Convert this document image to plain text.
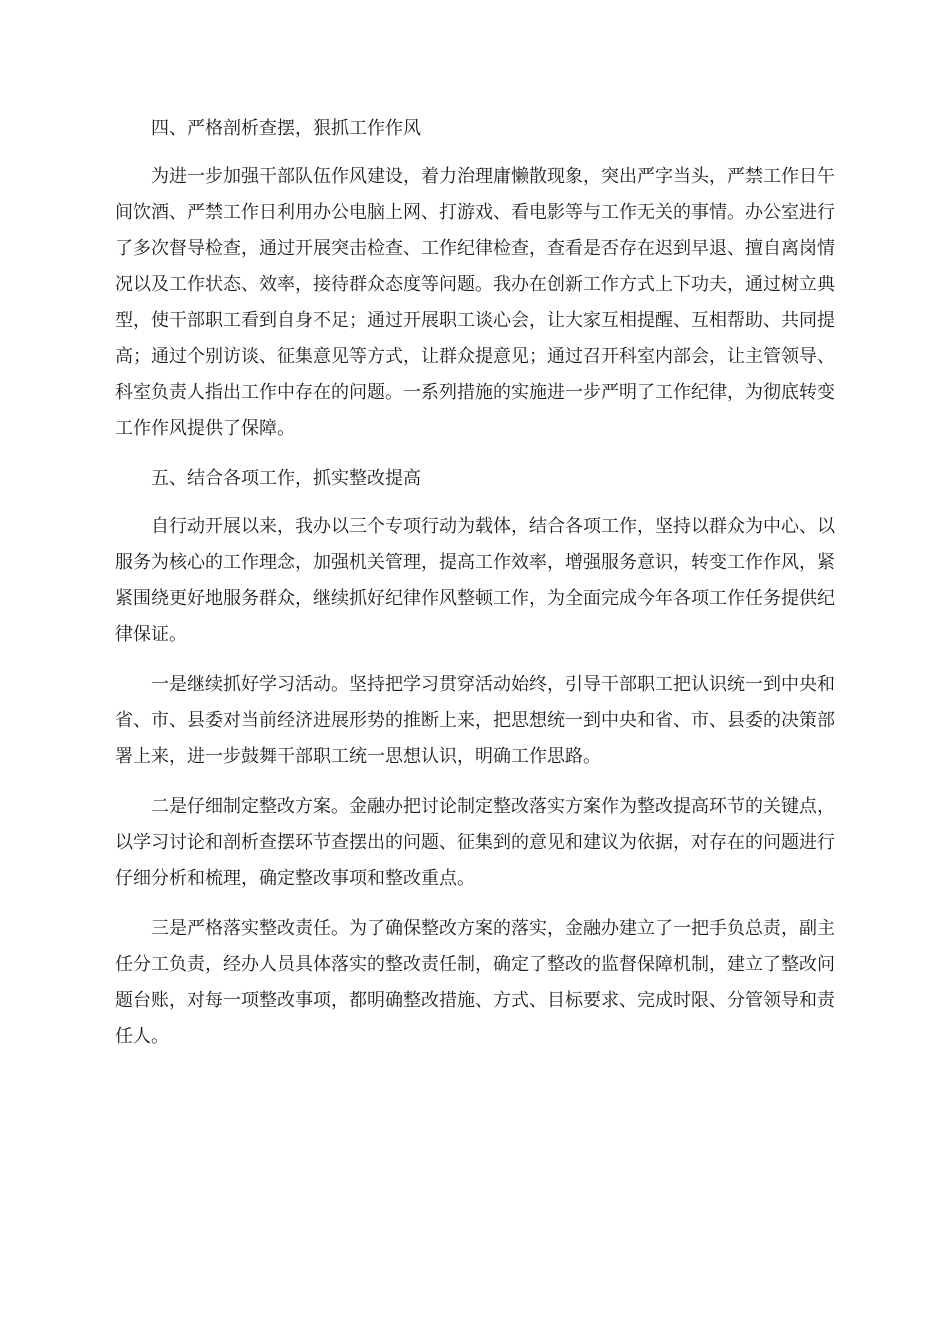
四、严格剖析查摆，狠抓工作作风

为进一步加强干部队伍作风建设，着力治理庸懒散现象，突出严字当头，严禁工作日午间饮酒、严禁工作日利用办公电脑上网、打游戏、看电影等与工作无关的事情。办公室进行了多次督导检查，通过开展突击检查、工作纪律检查，查看是否存在迟到早退、擅自离岗情况以及工作状态、效率，接待群众态度等问题。我办在创新工作方式上下功夫，通过树立典型，使干部职工看到自身不足；通过开展职工谈心会，让大家互相提醒、互相帮助、共同提高；通过个别访谈、征集意见等方式，让群众提意见；通过召开科室内部会，让主管领导、科室负责人指出工作中存在的问题。一系列措施的实施进一步严明了工作纪律，为彻底转变工作作风提供了保障。

五、结合各项工作，抓实整改提高

自行动开展以来，我办以三个专项行动为载体，结合各项工作，坚持以群众为中心、以服务为核心的工作理念，加强机关管理，提高工作效率，增强服务意识，转变工作作风，紧紧围绕更好地服务群众，继续抓好纪律作风整顿工作，为全面完成今年各项工作任务提供纪律保证。

一是继续抓好学习活动。坚持把学习贯穿活动始终，引导干部职工把认识统一到中央和省、市、县委对当前经济进展形势的推断上来，把思想统一到中央和省、市、县委的决策部署上来，进一步鼓舞干部职工统一思想认识，明确工作思路。

二是仔细制定整改方案。金融办把讨论制定整改落实方案作为整改提高环节的关键点，以学习讨论和剖析查摆环节查摆出的问题、征集到的意见和建议为依据，对存在的问题进行仔细分析和梳理，确定整改事项和整改重点。

三是严格落实整改责任。为了确保整改方案的落实，金融办建立了一把手负总责，副主任分工负责，经办人员具体落实的整改责任制，确定了整改的监督保障机制，建立了整改问题台账，对每一项整改事项，都明确整改措施、方式、目标要求、完成时限、分管领导和责任人。
